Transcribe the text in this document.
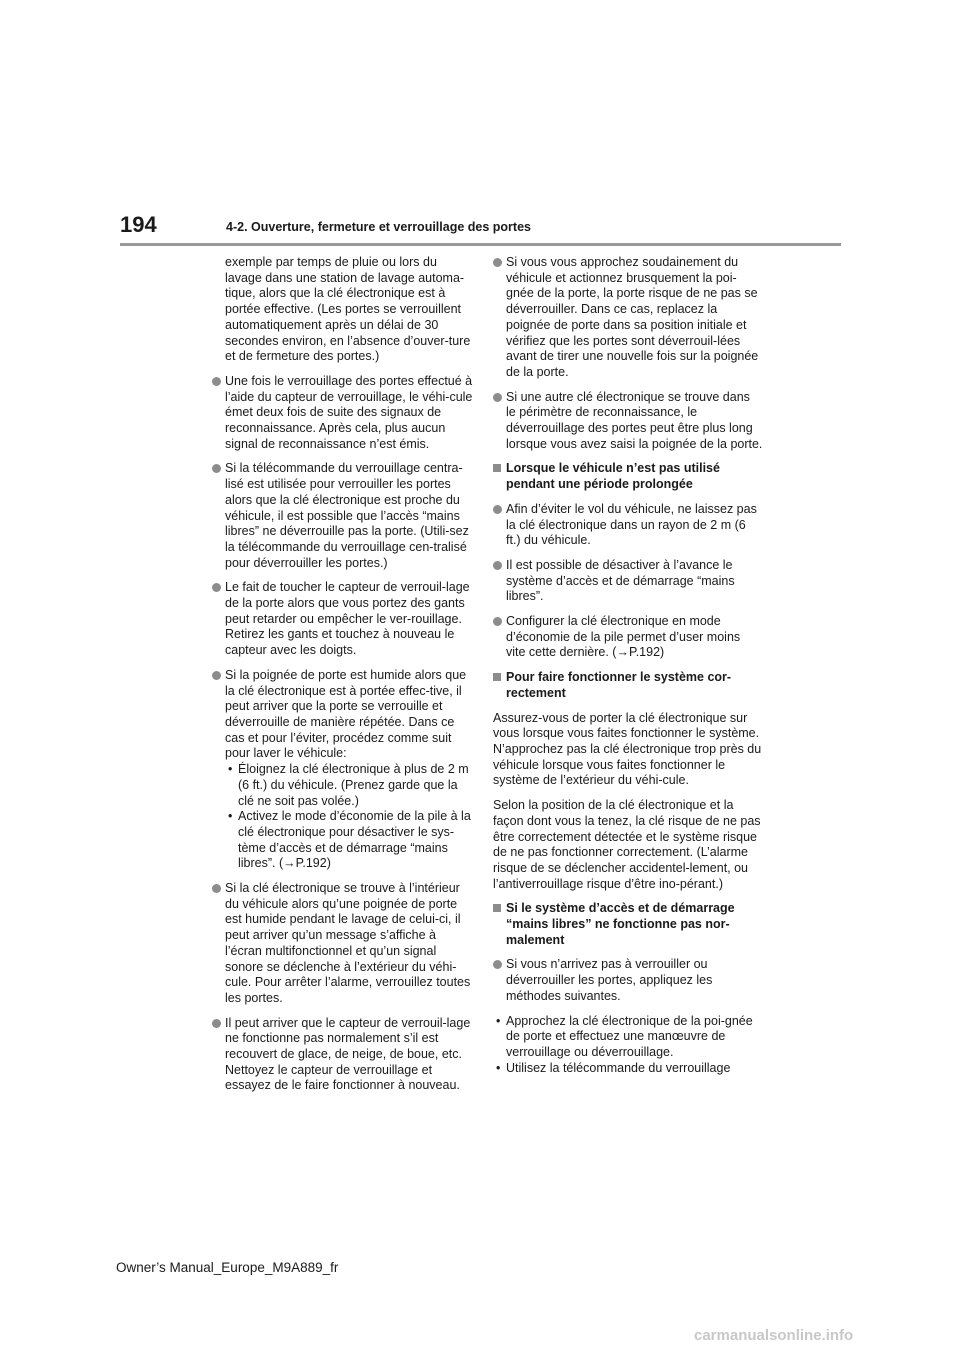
194	4-2. Ouverture, fermeture et verrouillage des portes
exemple par temps de pluie ou lors du lavage dans une station de lavage automa-tique, alors que la clé électronique est à portée effective. (Les portes se verrouillent automatiquement après un délai de 30 secondes environ, en l’absence d’ouver-ture et de fermeture des portes.)
Une fois le verrouillage des portes effectué à l’aide du capteur de verrouillage, le véhi-cule émet deux fois de suite des signaux de reconnaissance. Après cela, plus aucun signal de reconnaissance n’est émis.
Si la télécommande du verrouillage centra-lisé est utilisée pour verrouiller les portes alors que la clé électronique est proche du véhicule, il est possible que l’accès “mains libres” ne déverrouille pas la porte. (Utili-sez la télécommande du verrouillage cen-tralisé pour déverrouiller les portes.)
Le fait de toucher le capteur de verrouil-lage de la porte alors que vous portez des gants peut retarder ou empêcher le ver-rouillage. Retirez les gants et touchez à nouveau le capteur avec les doigts.
Si la poignée de porte est humide alors que la clé électronique est à portée effec-tive, il peut arriver que la porte se verrouille et déverrouille de manière répétée. Dans ce cas et pour l’éviter, procédez comme suit pour laver le véhicule:
• Éloignez la clé électronique à plus de 2 m (6 ft.) du véhicule. (Prenez garde que la clé ne soit pas volée.)
• Activez le mode d’économie de la pile à la clé électronique pour désactiver le sys-tème d’accès et de démarrage “mains libres”. (→P.192)
Si la clé électronique se trouve à l’intérieur du véhicule alors qu’une poignée de porte est humide pendant le lavage de celui-ci, il peut arriver qu’un message s’affiche à l’écran multifonctionnel et qu’un signal sonore se déclenche à l’extérieur du véhi-cule. Pour arrêter l’alarme, verrouillez toutes les portes.
Il peut arriver que le capteur de verrouil-lage ne fonctionne pas normalement s’il est recouvert de glace, de neige, de boue, etc. Nettoyez le capteur de verrouillage et essayez de le faire fonctionner à nouveau.
Si vous vous approchez soudainement du véhicule et actionnez brusquement la poi-gnée de la porte, la porte risque de ne pas se déverrouiller. Dans ce cas, replacez la poignée de porte dans sa position initiale et vérifiez que les portes sont déverrouil-lées avant de tirer une nouvelle fois sur la poignée de la porte.
Si une autre clé électronique se trouve dans le périmètre de reconnaissance, le déverrouillage des portes peut être plus long lorsque vous avez saisi la poignée de la porte.
Lorsque le véhicule n’est pas utilisé pendant une période prolongée
Afin d’éviter le vol du véhicule, ne laissez pas la clé électronique dans un rayon de 2 m (6 ft.) du véhicule.
Il est possible de désactiver à l’avance le système d’accès et de démarrage “mains libres”.
Configurer la clé électronique en mode d’économie de la pile permet d’user moins vite cette dernière. (→P.192)
Pour faire fonctionner le système cor-rectement
Assurez-vous de porter la clé électronique sur vous lorsque vous faites fonctionner le système. N’approchez pas la clé électronique trop près du véhicule lorsque vous faites fonctionner le système de l’extérieur du véhi-cule.
Selon la position de la clé électronique et la façon dont vous la tenez, la clé risque de ne pas être correctement détectée et le système risque de ne pas fonctionner correctement. (L’alarme risque de se déclencher accidentel-lement, ou l’antiverrouillage risque d’être ino-pérant.)
Si le système d’accès et de démarrage “mains libres” ne fonctionne pas nor-malement
Si vous n’arrivez pas à verrouiller ou déverrouiller les portes, appliquez les méthodes suivantes.
• Approchez la clé électronique de la poi-gnée de porte et effectuez une manœuvre de verrouillage ou déverrouillage.
• Utilisez la télécommande du verrouillage
Owner’s Manual_Europe_M9A889_fr
carmanualsonline.info
